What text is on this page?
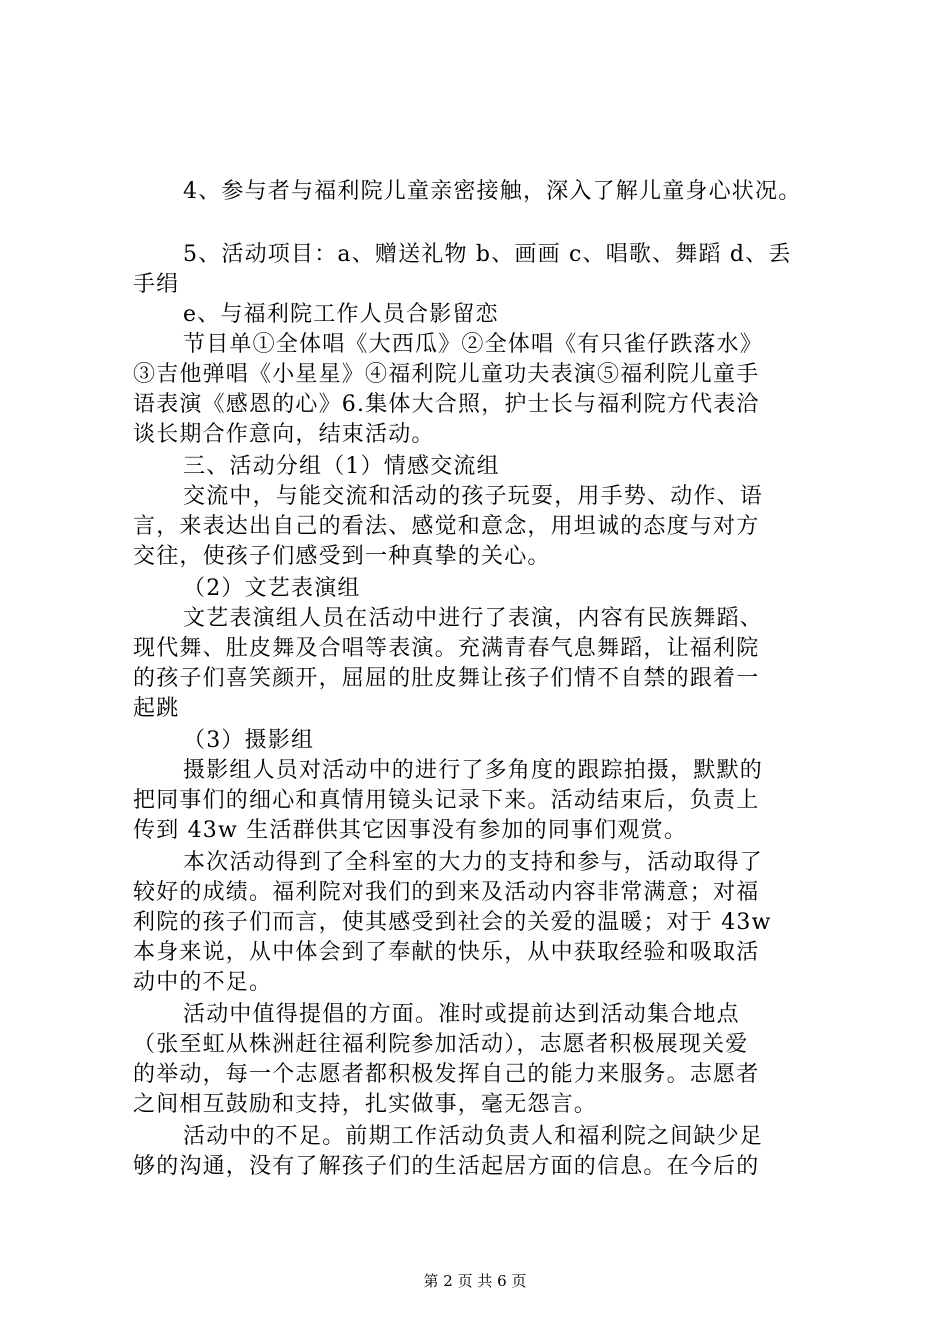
4、参与者与福利院儿童亲密接触，深入了解儿童身心状况。
5、活动项目：a、赠送礼物 b、画画 c、唱歌、舞蹈 d、丢
手绢
e、与福利院工作人员合影留恋
节目单①全体唱《大西瓜》②全体唱《有只雀仔跌落水》
③吉他弹唱《小星星》④福利院儿童功夫表演⑤福利院儿童手
语表演《感恩的心》6.集体大合照，护士长与福利院方代表洽
谈长期合作意向，结束活动。
三、活动分组（1）情感交流组
交流中，与能交流和活动的孩子玩耍，用手势、动作、语
言，来表达出自己的看法、感觉和意念，用坦诚的态度与对方
交往，使孩子们感受到一种真挚的关心。
（2）文艺表演组
文艺表演组人员在活动中进行了表演，内容有民族舞蹈、
现代舞、肚皮舞及合唱等表演。充满青春气息舞蹈，让福利院
的孩子们喜笑颜开，屈屈的肚皮舞让孩子们情不自禁的跟着一
起跳
（3）摄影组
摄影组人员对活动中的进行了多角度的跟踪拍摄，默默的
把同事们的细心和真情用镜头记录下来。活动结束后，负责上
传到 43w 生活群供其它因事没有参加的同事们观赏。
本次活动得到了全科室的大力的支持和参与，活动取得了
较好的成绩。福利院对我们的到来及活动内容非常满意；对福
利院的孩子们而言，使其感受到社会的关爱的温暖；对于 43w
本身来说，从中体会到了奉献的快乐，从中获取经验和吸取活
动中的不足。
活动中值得提倡的方面。准时或提前达到活动集合地点
（张至虹从株洲赶往福利院参加活动），志愿者积极展现关爱
的举动，每一个志愿者都积极发挥自己的能力来服务。志愿者
之间相互鼓励和支持，扎实做事，毫无怨言。
活动中的不足。前期工作活动负责人和福利院之间缺少足
够的沟通，没有了解孩子们的生活起居方面的信息。在今后的
第 2 页 共 6 页
